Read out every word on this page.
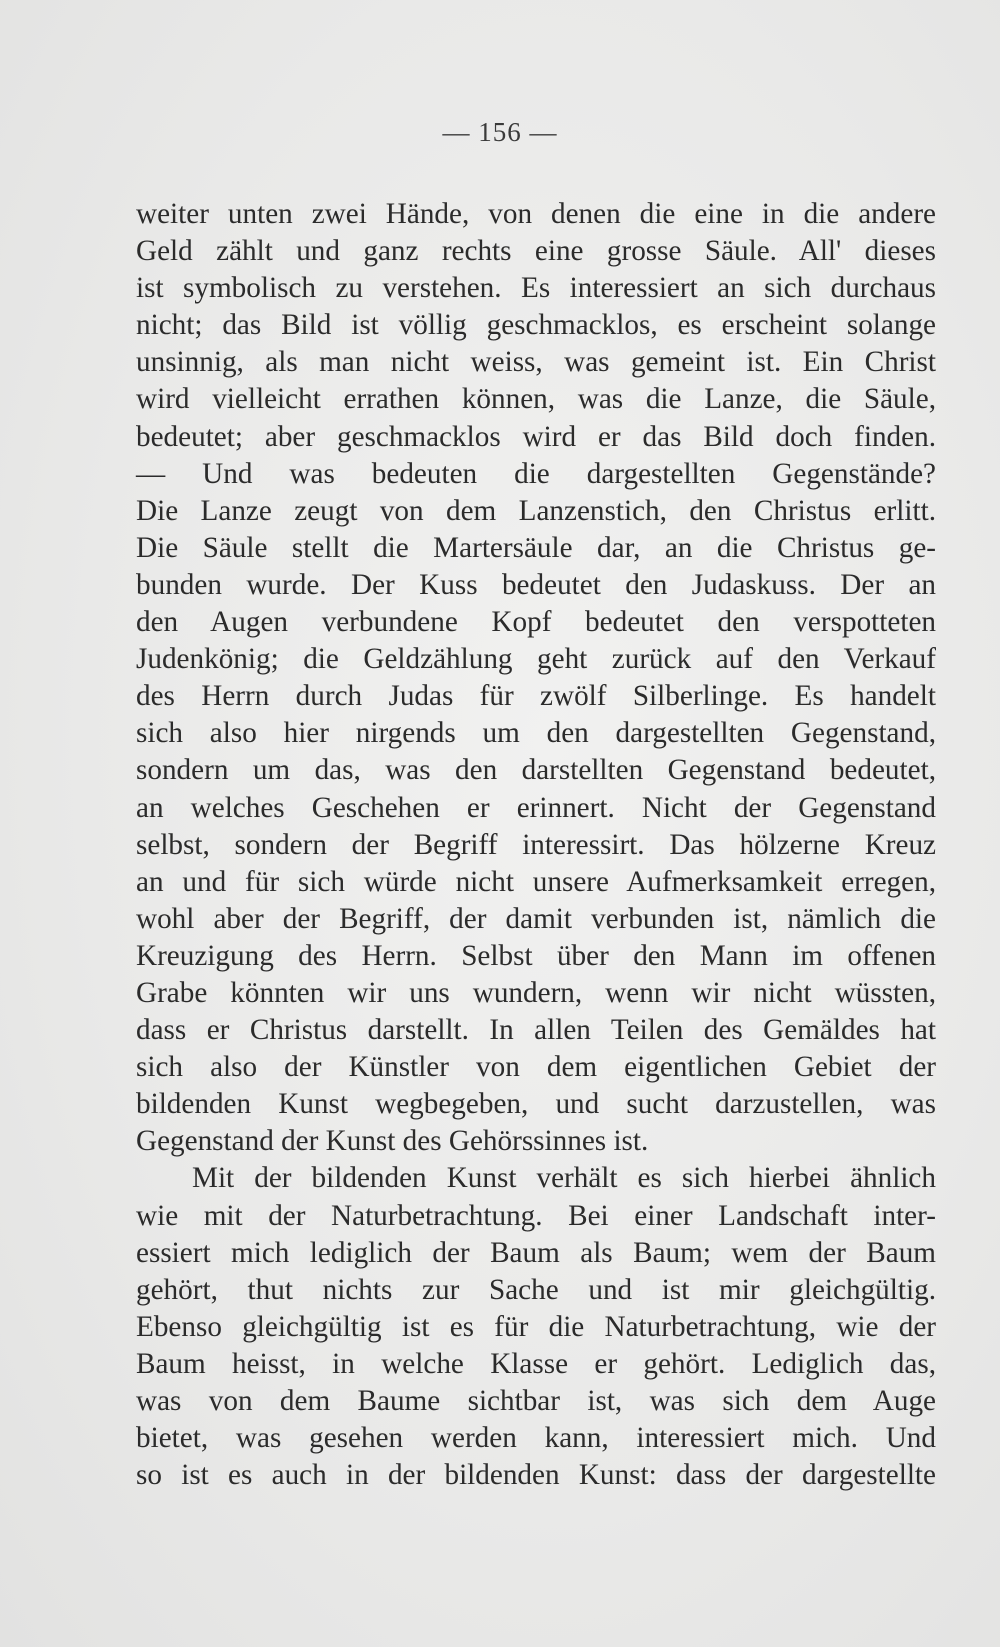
— 156 —
weiter unten zwei Hände, von denen die eine in die andere
Geld zählt und ganz rechts eine grosse Säule. All' dieses
ist symbolisch zu verstehen. Es interessiert an sich durchaus
nicht; das Bild ist völlig geschmacklos, es erscheint solange
unsinnig, als man nicht weiss, was gemeint ist. Ein Christ
wird vielleicht errathen können, was die Lanze, die Säule,
bedeutet; aber geschmacklos wird er das Bild doch finden.
— Und was bedeuten die dargestellten Gegenstände?
Die Lanze zeugt von dem Lanzenstich, den Christus erlitt.
Die Säule stellt die Martersäule dar, an die Christus ge-
bunden wurde. Der Kuss bedeutet den Judaskuss. Der an
den Augen verbundene Kopf bedeutet den verspotteten
Judenkönig; die Geldzählung geht zurück auf den Verkauf
des Herrn durch Judas für zwölf Silberlinge. Es handelt
sich also hier nirgends um den dargestellten Gegenstand,
sondern um das, was den darstellten Gegenstand bedeutet,
an welches Geschehen er erinnert. Nicht der Gegenstand
selbst, sondern der Begriff interessirt. Das hölzerne Kreuz
an und für sich würde nicht unsere Aufmerksamkeit erregen,
wohl aber der Begriff, der damit verbunden ist, nämlich die
Kreuzigung des Herrn. Selbst über den Mann im offenen
Grabe könnten wir uns wundern, wenn wir nicht wüssten,
dass er Christus darstellt. In allen Teilen des Gemäldes hat
sich also der Künstler von dem eigentlichen Gebiet der
bildenden Kunst wegbegeben, und sucht darzustellen, was
Gegenstand der Kunst des Gehörssinnes ist.
Mit der bildenden Kunst verhält es sich hierbei ähnlich
wie mit der Naturbetrachtung. Bei einer Landschaft inter-
essiert mich lediglich der Baum als Baum; wem der Baum
gehört, thut nichts zur Sache und ist mir gleichgültig.
Ebenso gleichgültig ist es für die Naturbetrachtung, wie der
Baum heisst, in welche Klasse er gehört. Lediglich das,
was von dem Baume sichtbar ist, was sich dem Auge
bietet, was gesehen werden kann, interessiert mich. Und
so ist es auch in der bildenden Kunst: dass der dargestellte
